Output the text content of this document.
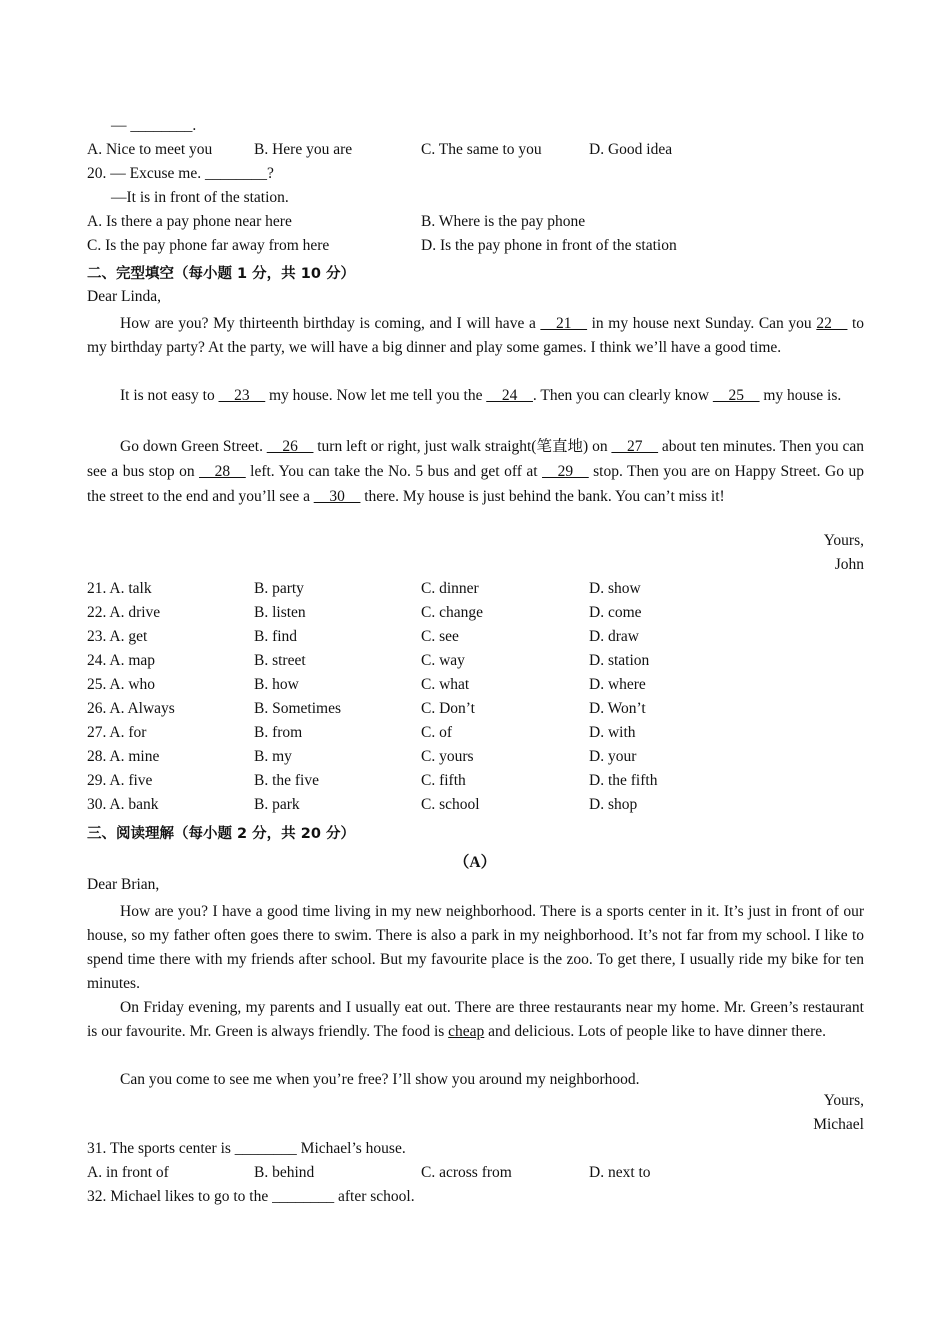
— ________.
A. Nice to meet you	B. Here you are	C. The same to you	D. Good idea
20. — Excuse me. ________?
—It is in front of the station.
A. Is there a pay phone near here	B. Where is the pay phone
C. Is the pay phone far away from here	D. Is the pay phone in front of the station
二、完型填空（每小题 1 分，共 10 分）
Dear Linda,
How are you? My thirteenth birthday is coming, and I will have a __21__ in my house next Sunday. Can you 22__ to my birthday party? At the party, we will have a big dinner and play some games. I think we’ll have a good time.
It is not easy to __23__ my house. Now let me tell you the __24__. Then you can clearly know __25__ my house is.
Go down Green Street. __26__ turn left or right, just walk straight(笔直地) on __27__ about ten minutes. Then you can see a bus stop on __28__ left. You can take the No. 5 bus and get off at __29__ stop. Then you are on Happy Street. Go up the street to the end and you’ll see a __30__ there. My house is just behind the bank. You can’t miss it!
Yours,
John
21. A. talk	B. party	C. dinner	D. show
22. A. drive	B. listen	C. change	D. come
23. A. get	B. find	C. see	D. draw
24. A. map	B. street	C. way	D. station
25. A. who	B. how	C. what	D. where
26. A. Always	B. Sometimes	C. Don’t	D. Won’t
27. A. for	B. from	C. of	D. with
28. A. mine	B. my	C. yours	D. your
29. A. five	B. the five	C. fifth	D. the fifth
30. A. bank	B. park	C. school	D. shop
三、阅读理解（每小题 2 分，共 20 分）
（A）
Dear Brian,
How are you? I have a good time living in my new neighborhood. There is a sports center in it. It’s just in front of our house, so my father often goes there to swim. There is also a park in my neighborhood. It’s not far from my school. I like to spend time there with my friends after school. But my favourite place is the zoo. To get there, I usually ride my bike for ten minutes.
On Friday evening, my parents and I usually eat out. There are three restaurants near my home. Mr. Green’s restaurant is our favourite. Mr. Green is always friendly. The food is cheap and delicious. Lots of people like to have dinner there.
Can you come to see me when you’re free? I’ll show you around my neighborhood.
Yours,
Michael
31. The sports center is ________ Michael’s house.
A. in front of	B. behind	C. across from	D. next to
32. Michael likes to go to the ________ after school.
